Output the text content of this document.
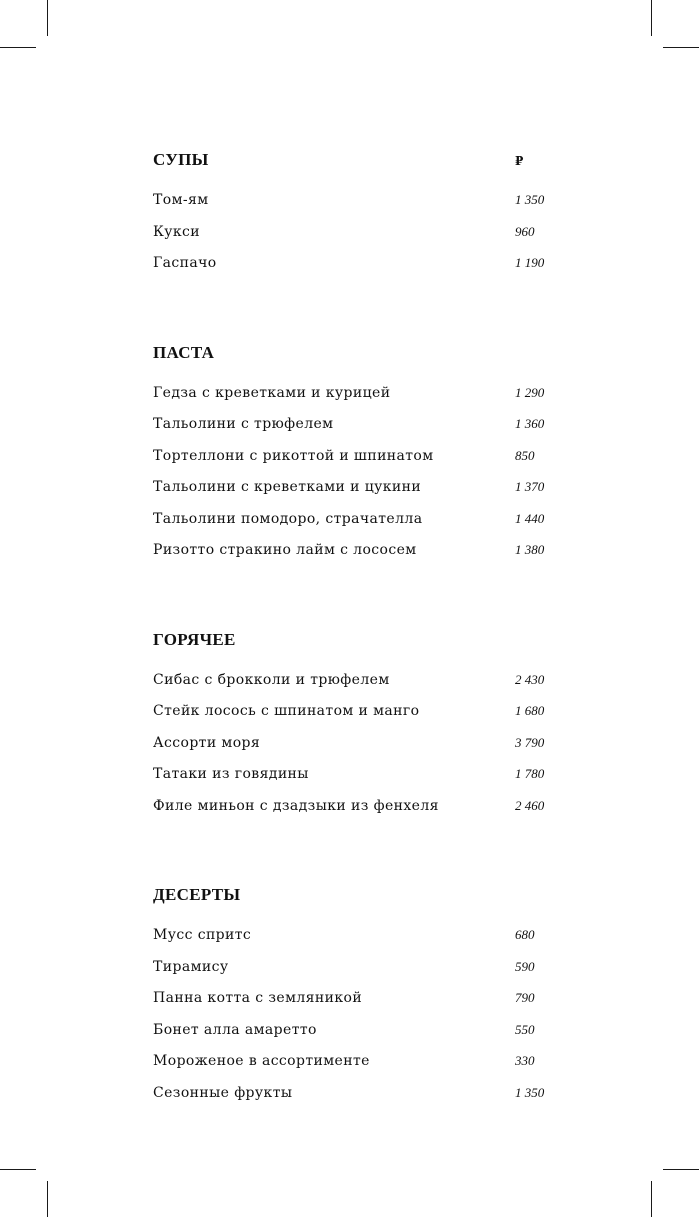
СУПЫ	₽
Том-ям	1 350
Кукси	960
Гаспачо	1 190
ПАСТА
Гедза с креветками и курицей	1 290
Тальолини с трюфелем	1 360
Тортеллони с рикоттой и шпинатом	850
Тальолини с креветками и цукини	1 370
Тальолини помодоро, страчателла	1 440
Ризотто стракино лайм с лососем	1 380
ГОРЯЧЕЕ
Сибас с брокколи и трюфелем	2 430
Стейк лосось с шпинатом и манго	1 680
Ассорти моря	3 790
Татаки из говядины	1 780
Филе миньон с дзадзыки из фенхеля	2 460
ДЕСЕРТЫ
Мусс спритс	680
Тирамису	590
Панна котта с земляникой	790
Бонет алла амаретто	550
Мороженое в ассортименте	330
Сезонные фрукты	1 350
